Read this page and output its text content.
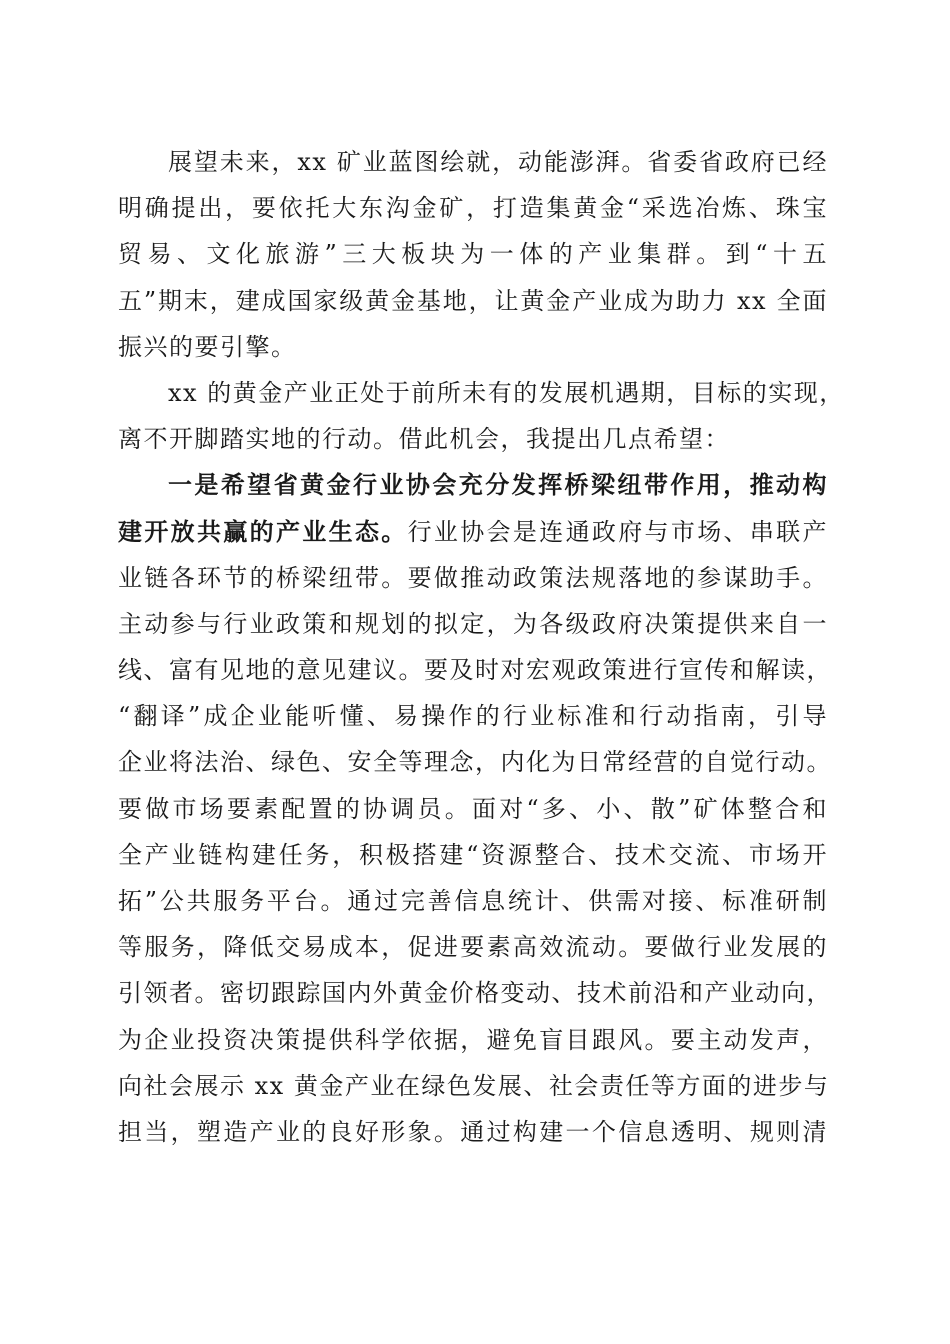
展望未来，xx 矿业蓝图绘就，动能澎湃。省委省政府已经
明确提出，要依托大东沟金矿，打造集黄金“采选冶炼、珠宝
贸易、文化旅游”三大板块为一体的产业集群。到“十五
五”期末，建成国家级黄金基地，让黄金产业成为助力 xx 全面
振兴的要引擎。
xx 的黄金产业正处于前所未有的发展机遇期，目标的实现，
离不开脚踏实地的行动。借此机会，我提出几点希望：
一是希望省黄金行业协会充分发挥桥梁纽带作用，推动构
建开放共赢的产业生态。行业协会是连通政府与市场、串联产
业链各环节的桥梁纽带。要做推动政策法规落地的参谋助手。
主动参与行业政策和规划的拟定，为各级政府决策提供来自一
线、富有见地的意见建议。要及时对宏观政策进行宣传和解读，
“翻译”成企业能听懂、易操作的行业标准和行动指南，引导
企业将法治、绿色、安全等理念，内化为日常经营的自觉行动。
要做市场要素配置的协调员。面对“多、小、散”矿体整合和
全产业链构建任务，积极搭建“资源整合、技术交流、市场开
拓”公共服务平台。通过完善信息统计、供需对接、标准研制
等服务，降低交易成本，促进要素高效流动。要做行业发展的
引领者。密切跟踪国内外黄金价格变动、技术前沿和产业动向，
为企业投资决策提供科学依据，避免盲目跟风。要主动发声，
向社会展示 xx 黄金产业在绿色发展、社会责任等方面的进步与
担当，塑造产业的良好形象。通过构建一个信息透明、规则清
